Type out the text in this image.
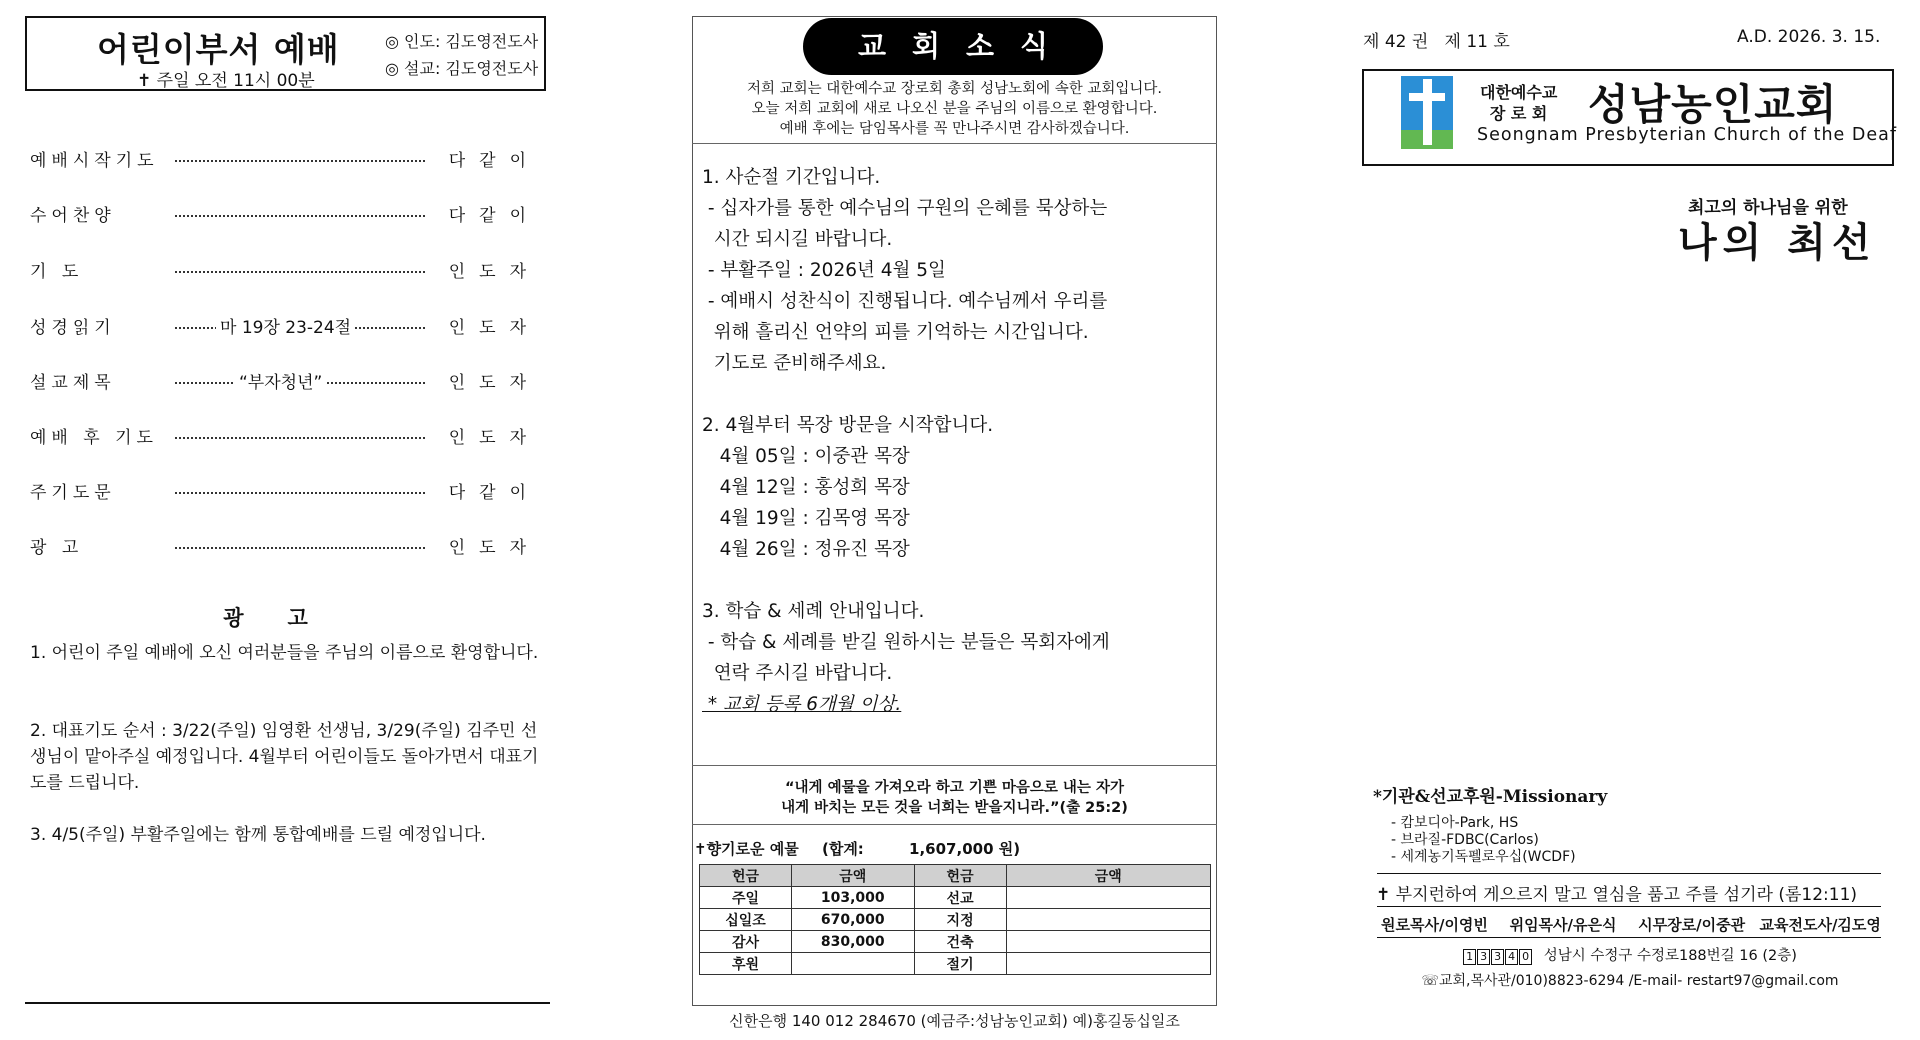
어린이부서 예배
✝ 주일 오전 11시 00분
◎ 인도: 김도영전도사
◎ 설교: 김도영전도사
예배시작기도	다같이
수어찬양	다같이
기 도	인도자
성경읽기	마 19장 23-24절	인도자
설교제목	“부자청년”	인도자
예배 후 기도	인도자
주기도문	다같이
광 고	인도자
광고
1. 어린이 주일 예배에 오신 여러분들을 주님의 이름으로 환영합니다.
2. 대표기도 순서 : 3/22(주일) 임영환 선생님, 3/29(주일) 김주민 선생님이 맡아주실 예정입니다. 4월부터 어린이들도 돌아가면서 대표기도를 드립니다.
3. 4/5(주일) 부활주일에는 함께 통합예배를 드릴 예정입니다.
교회소식
저희 교회는 대한예수교 장로회 총회 성남노회에 속한 교회입니다.
오늘 저희 교회에 새로 나오신 분을 주님의 이름으로 환영합니다.
예배 후에는 담임목사를 꼭 만나주시면 감사하겠습니다.
1. 사순절 기간입니다.
- 십자가를 통한 예수님의 구원의 은혜를 묵상하는
시간 되시길 바랍니다.
- 부활주일 : 2026년 4월 5일
- 예배시 성찬식이 진행됩니다. 예수님께서 우리를
위해 흘리신 언약의 피를 기억하는 시간입니다.
기도로 준비해주세요.
2. 4월부터 목장 방문을 시작합니다.
4월 05일 : 이중관 목장
4월 12일 : 홍성희 목장
4월 19일 : 김목영 목장
4월 26일 : 정유진 목장
3. 학습 & 세례 안내입니다.
- 학습 & 세례를 받길 원하시는 분들은 목회자에게
연락 주시길 바랍니다.
* 교회 등록 6개월 이상.
“내게 예물을 가져오라 하고 기쁜 마음으로 내는 자가
내게 바치는 모든 것을 너희는 받을지니라.”(출 25:2)
✝향기로운 예물 (합계:	1,607,000 원)
헌금	금액	헌금	금액
주일	103,000	선교	
십일조	670,000	지정	
감사	830,000	건축	
후원		절기	
신한은행 140 012 284670 (예금주:성남농인교회) 예)홍길동십일조
제 42 권   제 11 호	A.D. 2026. 3. 15.
대한예수교
장 로 회 성남농인교회
Seongnam Presbyterian Church of the Deaf
최고의 하나님을 위한
나의 최선
*기관&선교후원-Missionary
- 캄보디아-Park, HS
- 브라질-FDBC(Carlos)
- 세계농기독펠로우십(WCDF)
✝ 부지런하여 게으르지 말고 열심을 품고 주를 섬기라 (롬12:11)
원로목사/이영빈   위임목사/유은식   시무장로/이중관  교육전도사/김도영
1 3 3 4 0 성남시 수정구 수정로188번길 16 (2층)
☏교회,목사관/010)8823-6294 /E-mail- restart97@gmail.com
